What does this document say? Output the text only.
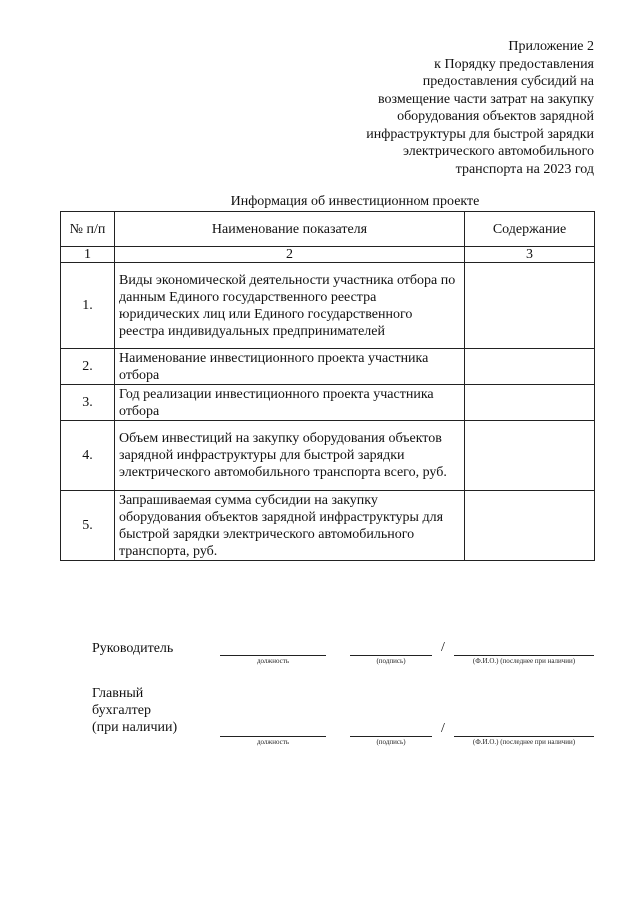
Приложение 2
к Порядку предоставления
предоставления субсидий на
возмещение части затрат на закупку
оборудования объектов зарядной
инфраструктуры для быстрой зарядки
электрического автомобильного
транспорта на 2023 год
Информация об инвестиционном проекте
№ п/п	Наименование показателя	Содержание
1	2	3
1.	Виды экономической деятельности участника отбора по данным Единого государственного реестра юридических лиц или Единого государственного реестра индивидуальных предпринимателей	
2.	Наименование инвестиционного проекта участника отбора	
3.	Год реализации инвестиционного проекта участника отбора	
4.	Объем инвестиций на закупку оборудования объектов зарядной инфраструктуры для быстрой зарядки электрического автомобильного транспорта всего, руб.	
5.	Запрашиваемая сумма субсидии на закупку оборудования объектов зарядной инфраструктуры для быстрой зарядки электрического автомобильного транспорта, руб.	
Руководитель
должность	(подпись)
/
(Ф.И.О.) (последнее при наличии)
Главный
бухгалтер
(при наличии)
должность	(подпись)
/
(Ф.И.О.) (последнее при наличии)
